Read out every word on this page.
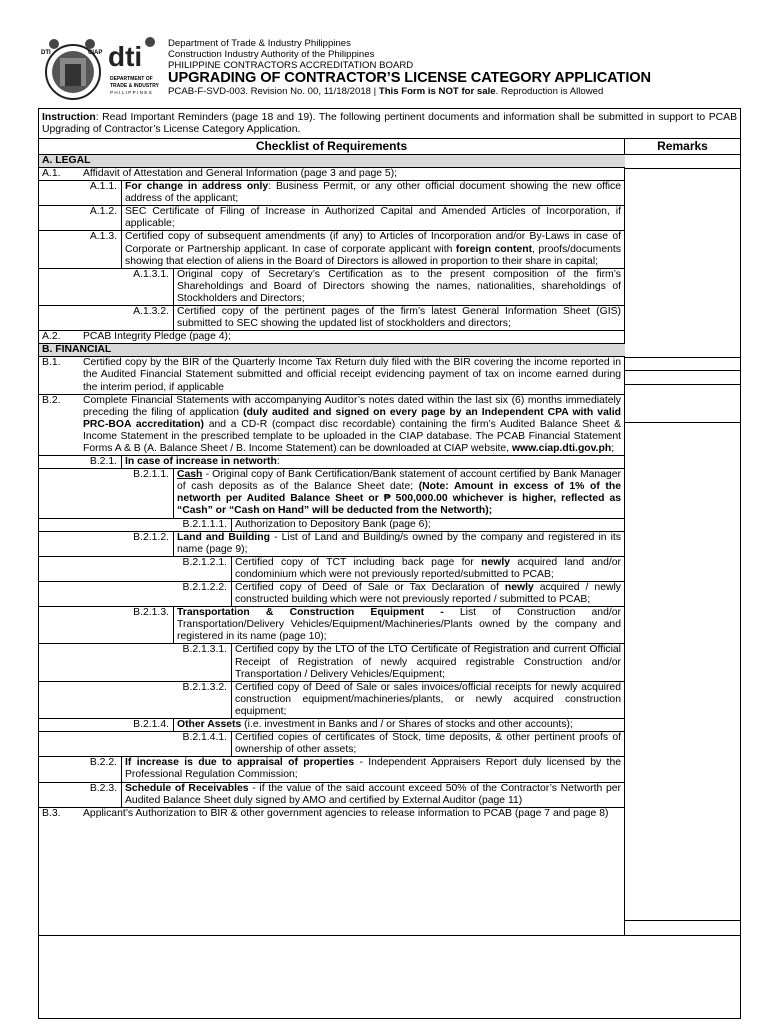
DTI	CIAP dti
DEPARTMENT OF
TRADE & INDUSTRY
PHILIPPINES
Department of Trade & Industry Philippines
Construction Industry Authority of the Philippines
PHILIPPINE CONTRACTORS ACCREDITATION BOARD
UPGRADING OF CONTRACTOR’S LICENSE CATEGORY APPLICATION
PCAB-F-SVD-003. Revision No. 00, 11/18/2018 | This Form is NOT for sale. Reproduction is Allowed
Instruction: Read Important Reminders (page 18 and 19). The following pertinent documents and information shall be submitted in support to PCAB Upgrading of Contractor’s License Category Application.
Checklist of Requirements	Remarks
A. LEGAL
A.1.	Affidavit of Attestation and General Information (page 3 and page 5);
A.1.1. For change in address only: Business Permit, or any other official document showing the new office address of the applicant;
A.1.2. SEC Certificate of Filing of Increase in Authorized Capital and Amended Articles of Incorporation, if applicable;
A.1.3. Certified copy of subsequent amendments (if any) to Articles of Incorporation and/or By-Laws in case of Corporate or Partnership applicant. In case of corporate applicant with foreign content, proofs/documents showing that election of aliens in the Board of Directors is allowed in proportion to their share in capital;
A.1.3.1. Original copy of Secretary’s Certification as to the present composition of the firm’s Shareholdings and Board of Directors showing the names, nationalities, shareholdings of Stockholders and Directors;
A.1.3.2. Certified copy of the pertinent pages of the firm’s latest General Information Sheet (GIS) submitted to SEC showing the updated list of stockholders and directors;
A.2.	PCAB Integrity Pledge (page 4);
B. FINANCIAL
B.1.	Certified copy by the BIR of the Quarterly Income Tax Return duly filed with the BIR covering the income reported in the Audited Financial Statement submitted and official receipt evidencing payment of tax on income earned during the interim period, if applicable
B.2.	Complete Financial Statements with accompanying Auditor’s notes dated within the last six (6) months immediately preceding the filing of application (duly audited and signed on every page by an Independent CPA with valid PRC-BOA accreditation) and a CD-R (compact disc recordable) containing the firm’s Audited Balance Sheet & Income Statement in the prescribed template to be uploaded in the CIAP database. The PCAB Financial Statement Forms A & B (A. Balance Sheet / B. Income Statement) can be downloaded at CIAP website, www.ciap.dti.gov.ph;
B.2.1. In case of increase in networth:
B.2.1.1. Cash - Original copy of Bank Certification/Bank statement of account certified by Bank Manager of cash deposits as of the Balance Sheet date; (Note: Amount in excess of 1% of the networth per Audited Balance Sheet or ₱ 500,000.00 whichever is higher, reflected as “Cash” or “Cash on Hand” will be deducted from the Networth);
B.2.1.1.1. Authorization to Depository Bank (page 6);
B.2.1.2. Land and Building - List of Land and Building/s owned by the company and registered in its name (page 9);
B.2.1.2.1. Certified copy of TCT including back page for newly acquired land and/or condominium which were not previously reported/submitted to PCAB;
B.2.1.2.2. Certified copy of Deed of Sale or Tax Declaration of newly acquired / newly constructed building which were not previously reported / submitted to PCAB;
B.2.1.3. Transportation & Construction Equipment - List of Construction and/or Transportation/Delivery Vehicles/Equipment/Machineries/Plants owned by the company and registered in its name (page 10);
B.2.1.3.1. Certified copy by the LTO of the LTO Certificate of Registration and current Official Receipt of Registration of newly acquired registrable Construction and/or Transportation / Delivery Vehicles/Equipment;
B.2.1.3.2. Certified copy of Deed of Sale or sales invoices/official receipts for newly acquired construction equipment/machineries/plants, or newly acquired construction equipment;
B.2.1.4. Other Assets (i.e. investment in Banks and / or Shares of stocks and other accounts);
B.2.1.4.1. Certified copies of certificates of Stock, time deposits, & other pertinent proofs of ownership of other assets;
B.2.2. If increase is due to appraisal of properties - Independent Appraisers Report duly licensed by the Professional Regulation Commission;
B.2.3. Schedule of Receivables - if the value of the said account exceed 50% of the Contractor’s Networth per Audited Balance Sheet duly signed by AMO and certified by External Auditor (page 11)
B.3.	Applicant’s Authorization to BIR & other government agencies to release information to PCAB (page 7 and page 8)
